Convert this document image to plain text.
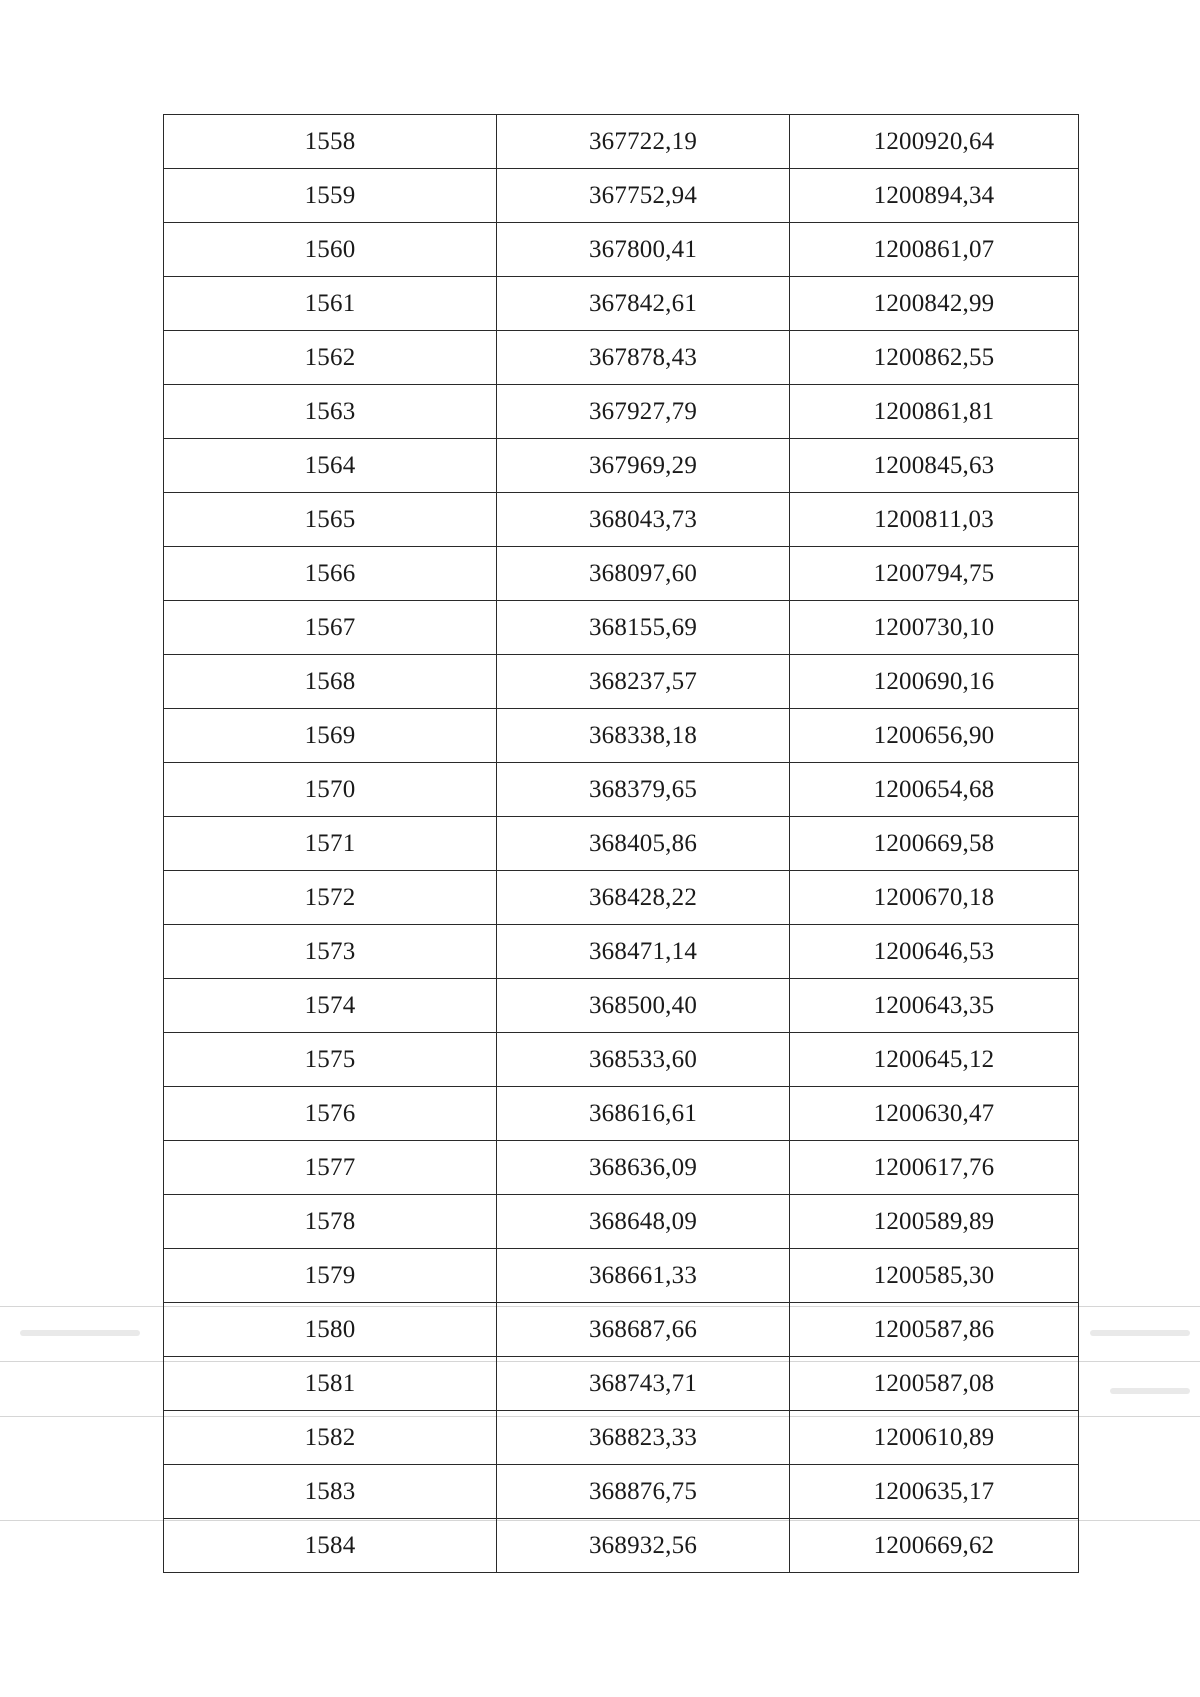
1558	367722,19	1200920,64
1559	367752,94	1200894,34
1560	367800,41	1200861,07
1561	367842,61	1200842,99
1562	367878,43	1200862,55
1563	367927,79	1200861,81
1564	367969,29	1200845,63
1565	368043,73	1200811,03
1566	368097,60	1200794,75
1567	368155,69	1200730,10
1568	368237,57	1200690,16
1569	368338,18	1200656,90
1570	368379,65	1200654,68
1571	368405,86	1200669,58
1572	368428,22	1200670,18
1573	368471,14	1200646,53
1574	368500,40	1200643,35
1575	368533,60	1200645,12
1576	368616,61	1200630,47
1577	368636,09	1200617,76
1578	368648,09	1200589,89
1579	368661,33	1200585,30
1580	368687,66	1200587,86
1581	368743,71	1200587,08
1582	368823,33	1200610,89
1583	368876,75	1200635,17
1584	368932,56	1200669,62
